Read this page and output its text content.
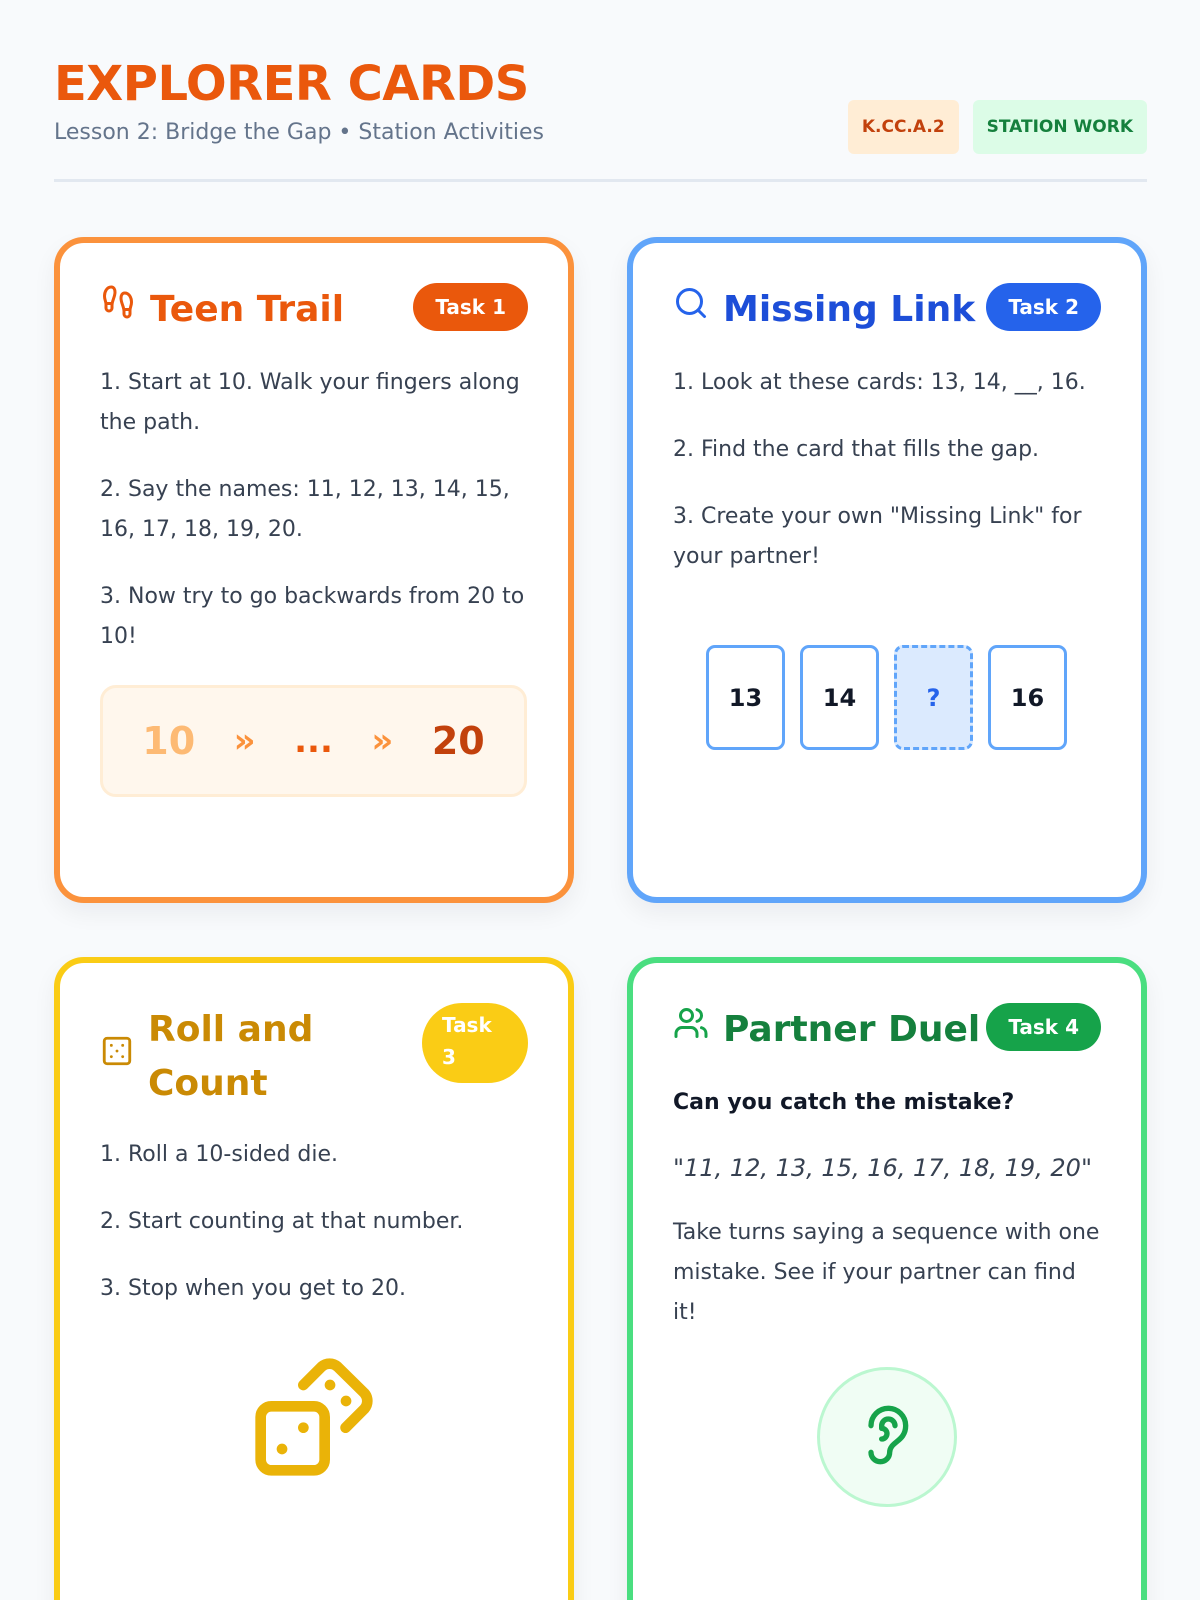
EXPLORER CARDS
Lesson 2: Bridge the Gap • Station Activities	K.CC.A.2	STATION WORK
Teen Trail	Task 1
1. Start at 10. Walk your fingers along the path.
2. Say the names: 11, 12, 13, 14, 15, 16, 17, 18, 19, 20.
3. Now try to go backwards from 20 to 10!
10 » ... » 20
Missing Link	Task 2
1. Look at these cards: 13, 14, __, 16.
2. Find the card that fills the gap.
3. Create your own "Missing Link" for your partner!
13	14	?	16
Roll and Count
Task 3
1. Roll a 10-sided die.
2. Start counting at that number.
3. Stop when you get to 20.
Partner Duel	Task 4
Can you catch the mistake?
"11, 12, 13, 15, 16, 17, 18, 19, 20"
Take turns saying a sequence with one mistake. See if your partner can find it!
